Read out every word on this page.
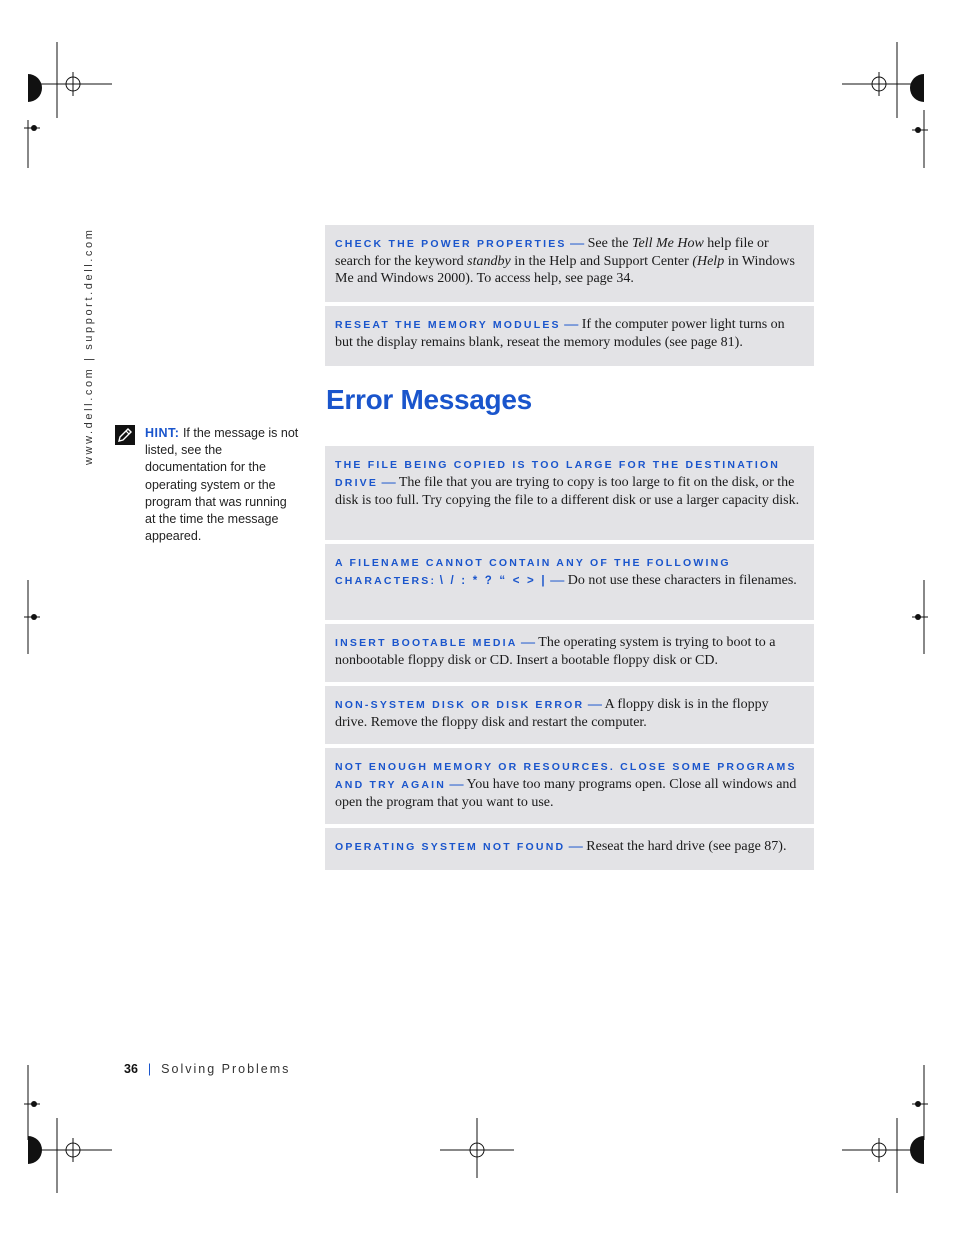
www.dell.com | support.dell.com	HINT: If the message is not listed, see the documentation for the operating system or the program that was running at the time the message appeared.
CHECK THE POWER PROPERTIES — See the Tell Me How help file or search for the keyword standby in the Help and Support Center (Help in Windows Me and Windows 2000). To access help, see page 34.
RESEAT THE MEMORY MODULES — If the computer power light turns on but the display remains blank, reseat the memory modules (see page 81).
Error Messages
THE FILE BEING COPIED IS TOO LARGE FOR THE DESTINATION DRIVE — The file that you are trying to copy is too large to fit on the disk, or the disk is too full. Try copying the file to a different disk or use a larger capacity disk.
A FILENAME CANNOT CONTAIN ANY OF THE FOLLOWING CHARACTERS: \ / : * ? “ < > | — Do not use these characters in filenames.
INSERT BOOTABLE MEDIA — The operating system is trying to boot to a nonbootable floppy disk or CD. Insert a bootable floppy disk or CD.
NON-SYSTEM DISK OR DISK ERROR — A floppy disk is in the floppy drive. Remove the floppy disk and restart the computer.
NOT ENOUGH MEMORY OR RESOURCES. CLOSE SOME PROGRAMS AND TRY AGAIN — You have too many programs open. Close all windows and open the program that you want to use.
OPERATING SYSTEM NOT FOUND — Reseat the hard drive (see page 87).
36 | Solving Problems
